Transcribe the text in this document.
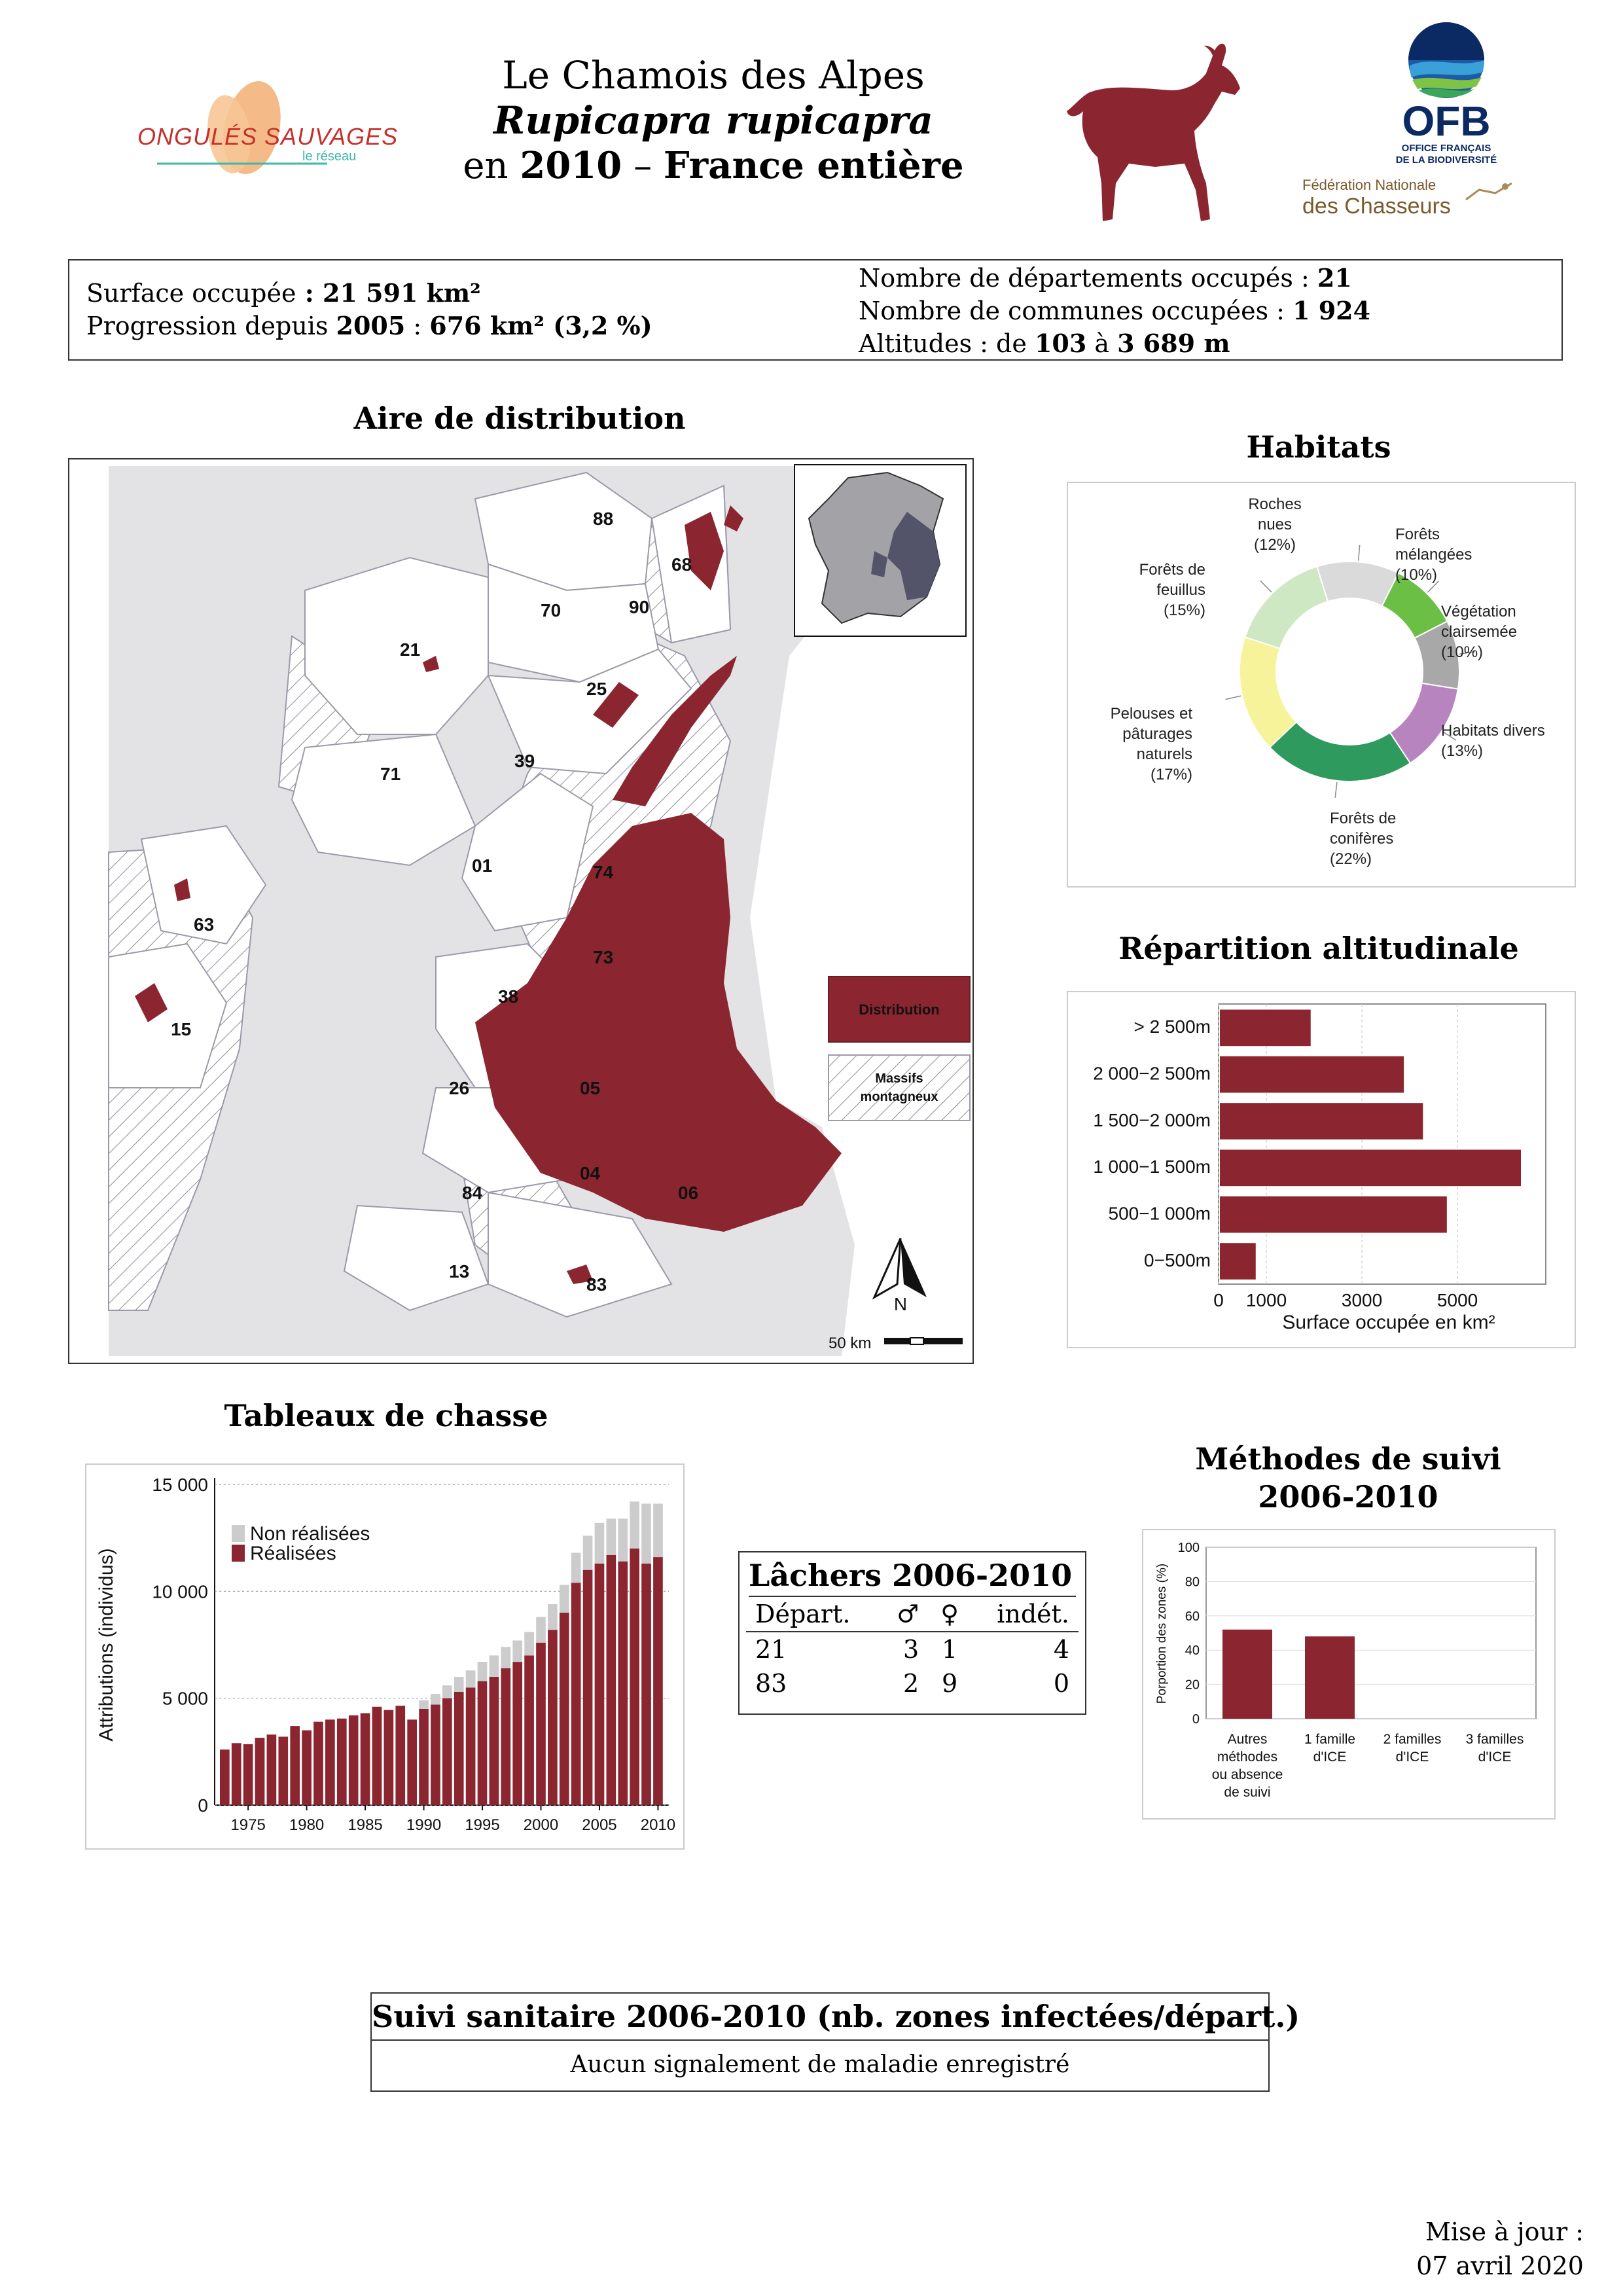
ONGULÉS SAUVAGES
le réseau
Le Chamois des Alpes
Rupicapra rupicapra
en 2010 – France entière
OFB
OFFICE FRANÇAIS
DE LA BIODIVERSITÉ
Fédération Nationale
des Chasseurs
Surface occupée : 21 591 km²
Progression depuis 2005 : 676 km² (3,2 %)
Nombre de départements occupés : 21
Nombre de communes occupées : 1 924
Altitudes : de 103 à 3 689 m
Aire de distribution
88
68
90
70
21
25
39
71
01	74
63
73
38
15
26	05
04
06
84
13
83
Distribution
Massifs
montagneux
N
50 km
Habitats
Roches
nues
(12%)
Forêts
mélangées
(10%)
Végétation
clairsemée
(10%)
Habitats divers
(13%)
Forêts de
conifères
(22%)
Pelouses et
pâturages
naturels
(17%)
Forêts de
feuillus
(15%)
Répartition altitudinale
> 2 500m
2 000−2 500m
1 500−2 000m
1 000−1 500m
500−1 000m
0−500m
0 1000	3000	5000
Surface occupée en km²
Tableaux de chasse
0
5 000
10 000
15 000
1975 1980 1985 1990 1995 2000 2005 2010
Attributions (individus)
Non réalisées
Réalisées
Lâchers 2006-2010
Départ.	♂	♀	indét.
21	3	1	4
83	2	9	0
Méthodes de suivi
2006-2010
0
20
40
60
80
100
Autres
méthodes
ou absence
de suivi
1 famille
d'ICE
2 familles
d'ICE
3 familles
d'ICE
Porportion des zones (%)
Suivi sanitaire 2006-2010 (nb. zones infectées/départ.)
Aucun signalement de maladie enregistré
Mise à jour :
07 avril 2020
